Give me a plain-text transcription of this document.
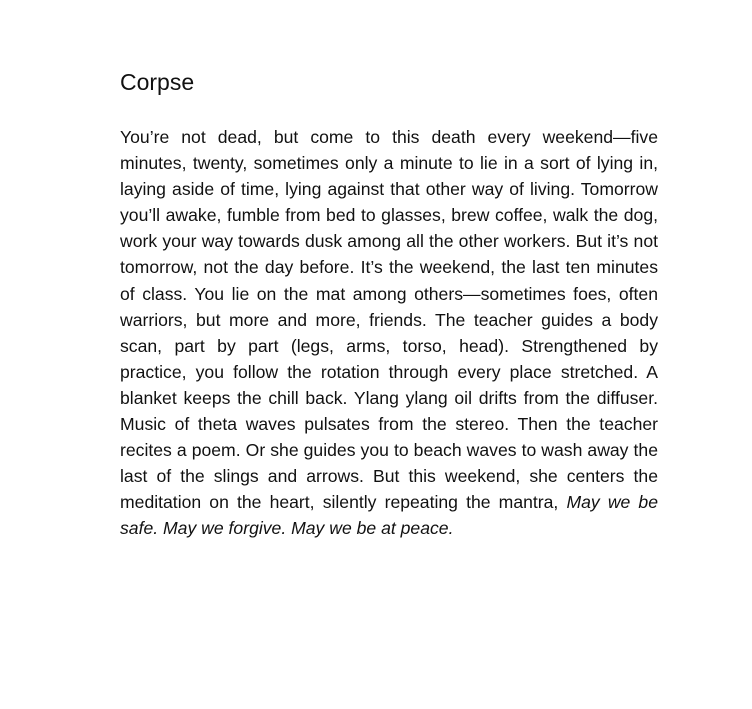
Corpse

You’re not dead, but come to this death every weekend—five minutes, twenty, sometimes only a minute to lie in a sort of lying in, laying aside of time, lying against that other way of living. Tomorrow you’ll awake, fumble from bed to glasses, brew coffee, walk the dog, work your way towards dusk among all the other workers. But it’s not tomorrow, not the day before. It’s the weekend, the last ten minutes of class. You lie on the mat among others—sometimes foes, often warriors, but more and more, friends. The teacher guides a body scan, part by part (legs, arms, torso, head). Strengthened by practice, you follow the rotation through every place stretched. A blanket keeps the chill back. Ylang ylang oil drifts from the diffuser. Music of theta waves pulsates from the stereo. Then the teacher recites a poem. Or she guides you to beach waves to wash away the last of the slings and arrows. But this weekend, she centers the meditation on the heart, silently repeating the mantra, May we be safe. May we forgive. May we be at peace.
